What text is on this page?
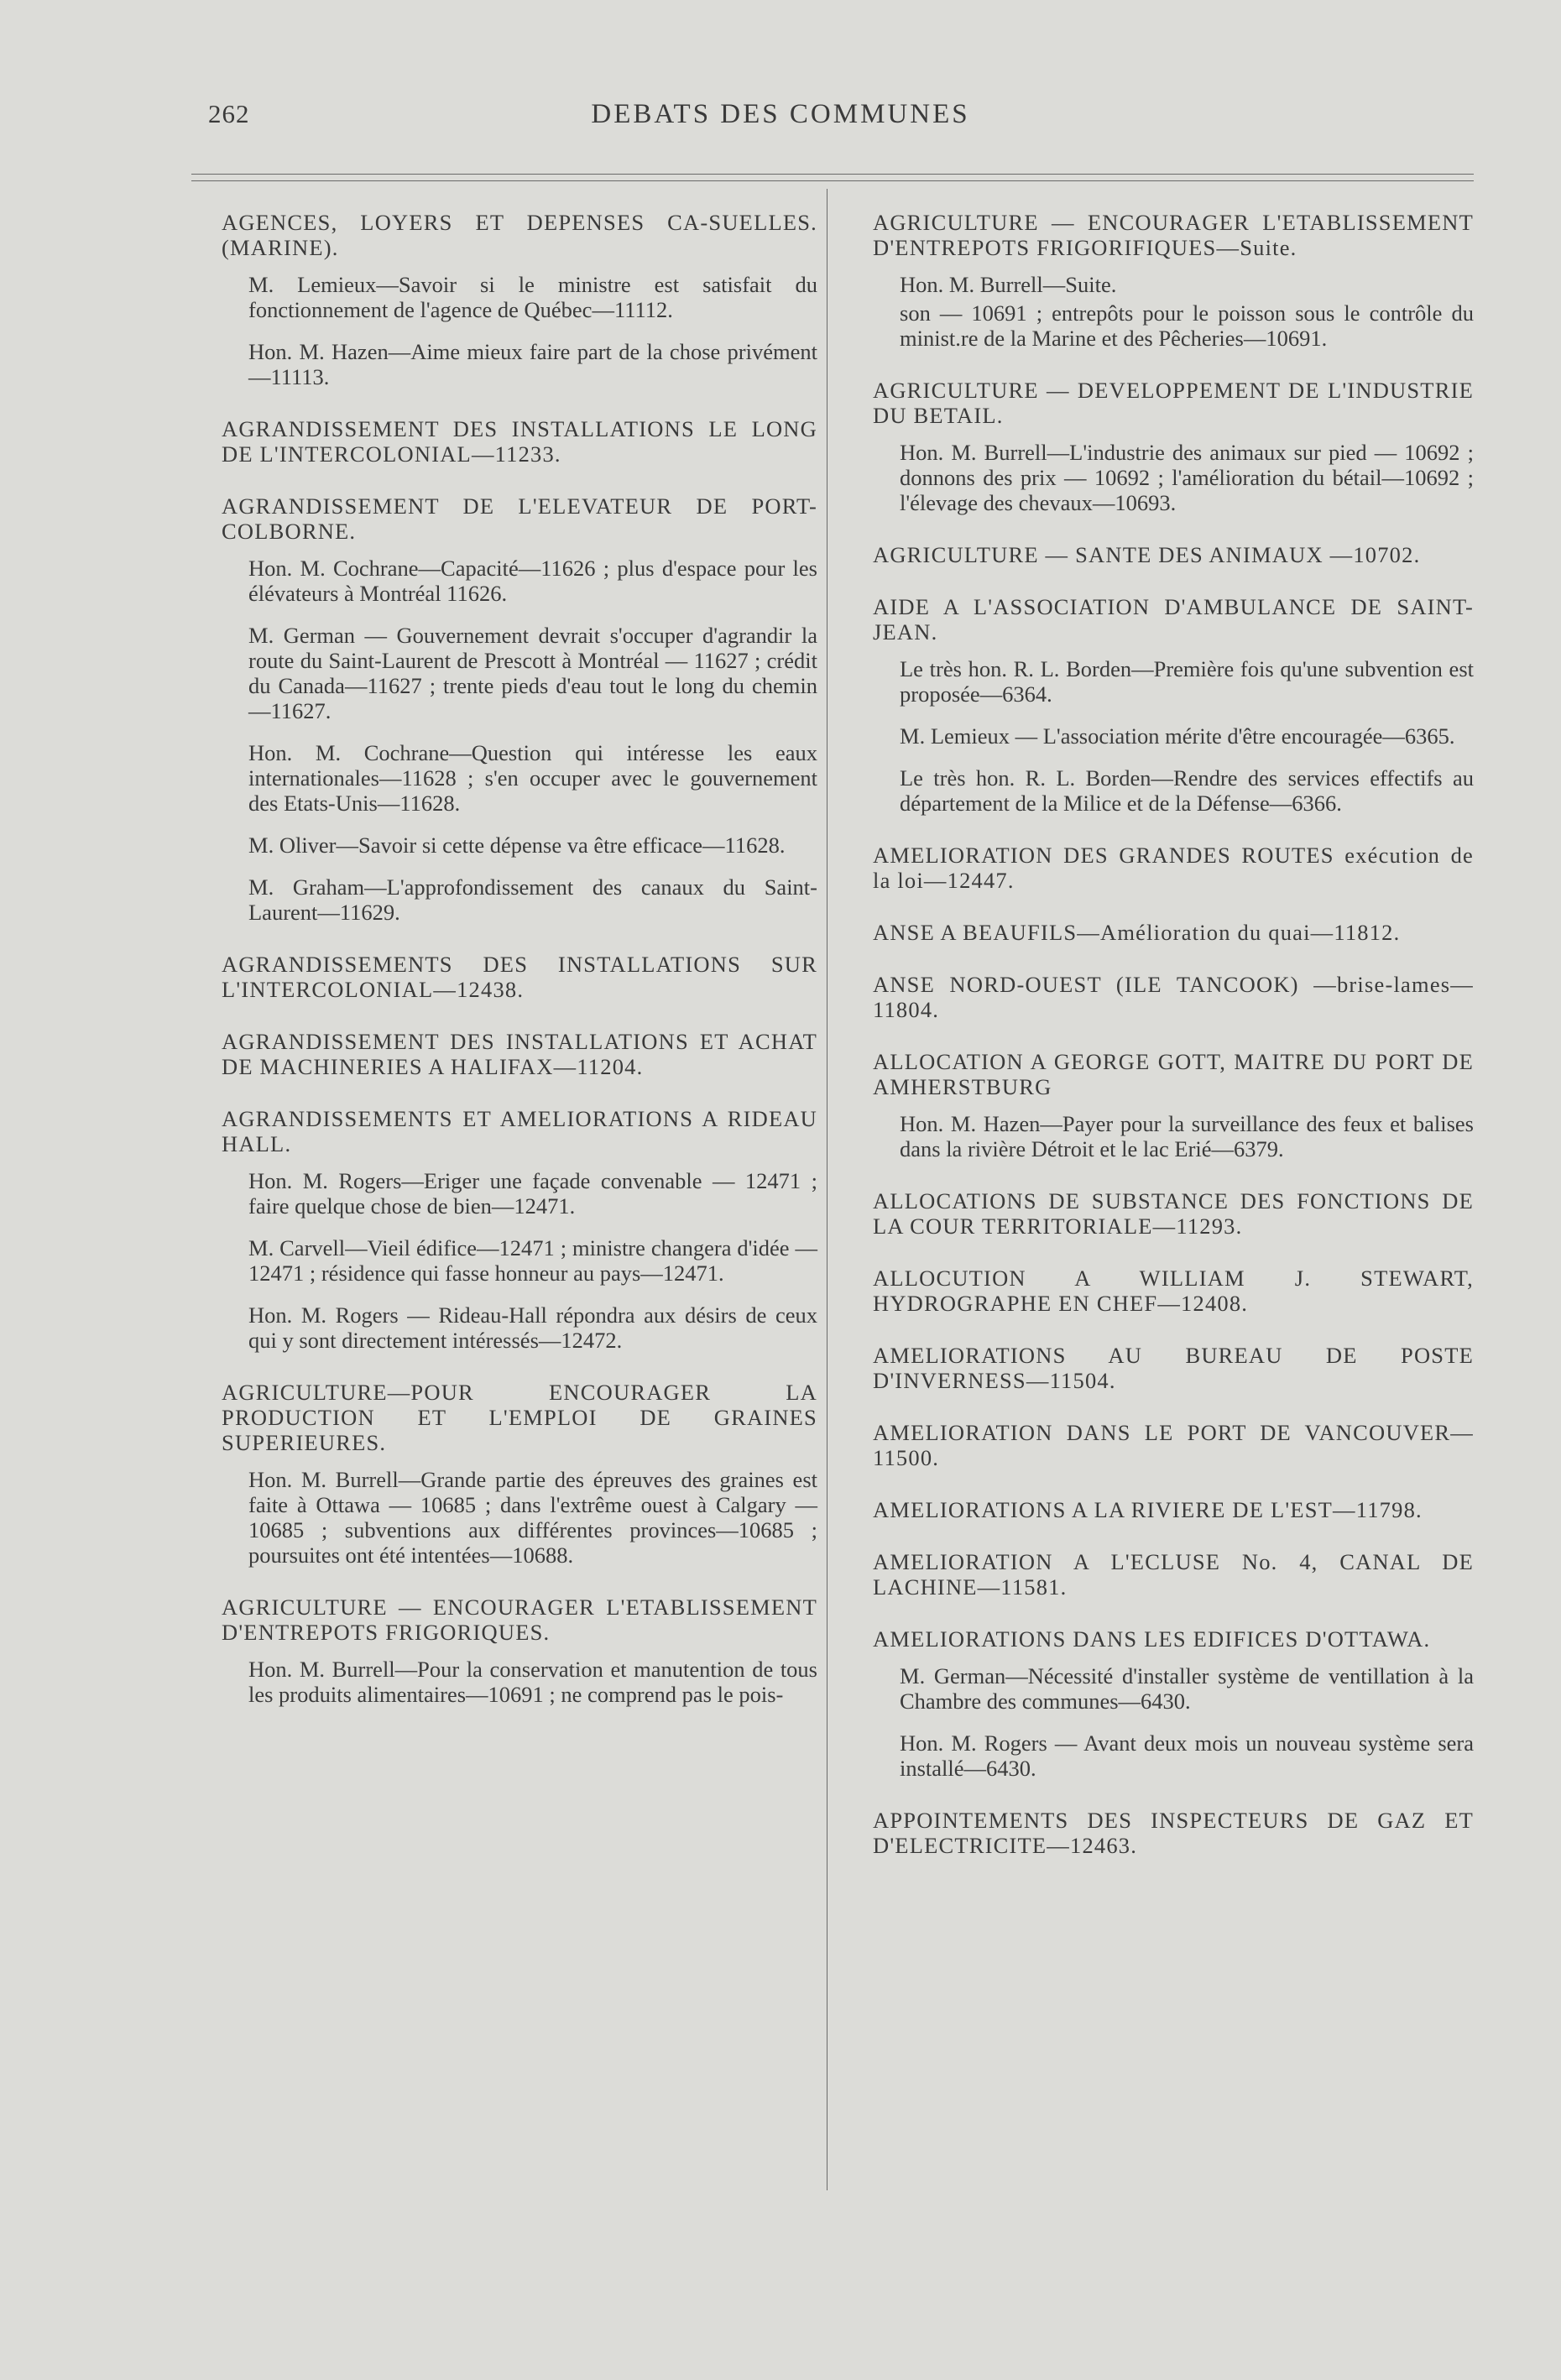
262	DEBATS DES COMMUNES
AGENCES, LOYERS ET DEPENSES CA-SUELLES. (MARINE).
M. Lemieux—Savoir si le ministre est satisfait du fonctionnement de l'agence de Québec—11112.
Hon. M. Hazen—Aime mieux faire part de la chose privément—11113.
AGRANDISSEMENT DES INSTALLATIONS LE LONG DE L'INTERCOLONIAL—11233.
AGRANDISSEMENT DE L'ELEVATEUR DE PORT- COLBORNE.
Hon. M. Cochrane—Capacité—11626 ; plus d'espace pour les élévateurs à Montréal 11626.
M. German — Gouvernement devrait s'occuper d'agrandir la route du Saint-Laurent de Prescott à Montréal — 11627 ; crédit du Canada—11627 ; trente pieds d'eau tout le long du chemin—11627.
Hon. M. Cochrane—Question qui intéresse les eaux internationales—11628 ; s'en occuper avec le gouvernement des Etats-Unis—11628.
M. Oliver—Savoir si cette dépense va être efficace—11628.
M. Graham—L'approfondissement des canaux du Saint-Laurent—11629.
AGRANDISSEMENTS DES INSTALLATIONS SUR L'INTERCOLONIAL—12438.
AGRANDISSEMENT DES INSTALLATIONS ET ACHAT DE MACHINERIES A HALIFAX—11204.
AGRANDISSEMENTS ET AMELIORATIONS A RIDEAU HALL.
Hon. M. Rogers—Eriger une façade convenable — 12471 ; faire quelque chose de bien—12471.
M. Carvell—Vieil édifice—12471 ; ministre changera d'idée — 12471 ; résidence qui fasse honneur au pays—12471.
Hon. M. Rogers — Rideau-Hall répondra aux désirs de ceux qui y sont directement intéressés—12472.
AGRICULTURE—POUR ENCOURAGER LA PRODUCTION ET L'EMPLOI DE GRAINES SUPERIEURES.
Hon. M. Burrell—Grande partie des épreuves des graines est faite à Ottawa — 10685 ; dans l'extrême ouest à Calgary —10685 ; subventions aux différentes provinces—10685 ; poursuites ont été intentées—10688.
AGRICULTURE — ENCOURAGER L'ETABLISSEMENT D'ENTREPOTS FRIGORIQUES.
Hon. M. Burrell—Pour la conservation et manutention de tous les produits alimentaires—10691 ; ne comprend pas le pois-
AGRICULTURE — ENCOURAGER L'ETABLISSEMENT D'ENTREPOTS FRIGORIFIQUES—Suite.
Hon. M. Burrell—Suite.
son — 10691 ; entrepôts pour le poisson sous le contrôle du minist.re de la Marine et des Pêcheries—10691.
AGRICULTURE — DEVELOPPEMENT DE L'INDUSTRIE DU BETAIL.
Hon. M. Burrell—L'industrie des animaux sur pied — 10692 ; donnons des prix — 10692 ; l'amélioration du bétail—10692 ; l'élevage des chevaux—10693.
AGRICULTURE — SANTE DES ANIMAUX —10702.
AIDE A L'ASSOCIATION D'AMBULANCE DE SAINT-JEAN.
Le très hon. R. L. Borden—Première fois qu'une subvention est proposée—6364.
M. Lemieux — L'association mérite d'être encouragée—6365.
Le très hon. R. L. Borden—Rendre des services effectifs au département de la Milice et de la Défense—6366.
AMELIORATION DES GRANDES ROUTES exécution de la loi—12447.
ANSE A BEAUFILS—Amélioration du quai—11812.
ANSE NORD-OUEST (ILE TANCOOK) —brise-lames—11804.
ALLOCATION A GEORGE GOTT, MAITRE DU PORT DE AMHERSTBURG
Hon. M. Hazen—Payer pour la surveillance des feux et balises dans la rivière Détroit et le lac Erié—6379.
ALLOCATIONS DE SUBSTANCE DES FONCTIONS DE LA COUR TERRITORIALE—11293.
ALLOCUTION A WILLIAM J. STEWART, HYDROGRAPHE EN CHEF—12408.
AMELIORATIONS AU BUREAU DE POSTE D'INVERNESS—11504.
AMELIORATION DANS LE PORT DE VANCOUVER—11500.
AMELIORATIONS A LA RIVIERE DE L'EST—11798.
AMELIORATION A L'ECLUSE No. 4, CANAL DE LACHINE—11581.
AMELIORATIONS DANS LES EDIFICES D'OTTAWA.
M. German—Nécessité d'installer système de ventillation à la Chambre des communes—6430.
Hon. M. Rogers — Avant deux mois un nouveau système sera installé—6430.
APPOINTEMENTS DES INSPECTEURS DE GAZ ET D'ELECTRICITE—12463.
